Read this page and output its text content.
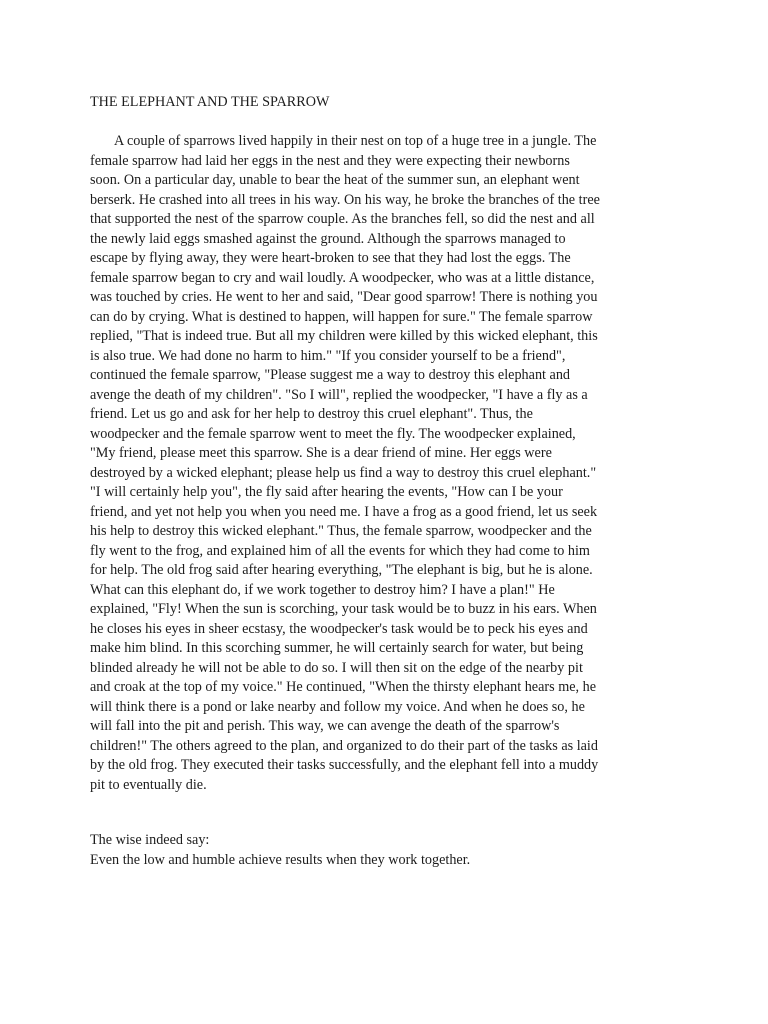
THE ELEPHANT AND THE SPARROW
A couple of sparrows lived happily in their nest on top of a huge tree in a jungle. The
female sparrow had laid her eggs in the nest and they were expecting their newborns
soon. On a particular day, unable to bear the heat of the summer sun, an elephant went
berserk. He crashed into all trees in his way. On his way, he broke the branches of the tree
that supported the nest of the sparrow couple. As the branches fell, so did the nest and all
the newly laid eggs smashed against the ground. Although the sparrows managed to
escape by flying away, they were heart-broken to see that they had lost the eggs. The
female sparrow began to cry and wail loudly. A woodpecker, who was at a little distance,
was touched by cries. He went to her and said, "Dear good sparrow! There is nothing you
can do by crying. What is destined to happen, will happen for sure." The female sparrow
replied, "That is indeed true. But all my children were killed by this wicked elephant, this
is also true. We had done no harm to him." "If you consider yourself to be a friend",
continued the female sparrow, "Please suggest me a way to destroy this elephant and
avenge the death of my children". "So I will", replied the woodpecker, "I have a fly as a
friend. Let us go and ask for her help to destroy this cruel elephant". Thus, the
woodpecker and the female sparrow went to meet the fly. The woodpecker explained,
"My friend, please meet this sparrow. She is a dear friend of mine. Her eggs were
destroyed by a wicked elephant; please help us find a way to destroy this cruel elephant."
"I will certainly help you", the fly said after hearing the events, "How can I be your
friend, and yet not help you when you need me. I have a frog as a good friend, let us seek
his help to destroy this wicked elephant." Thus, the female sparrow, woodpecker and the
fly went to the frog, and explained him of all the events for which they had come to him
for help. The old frog said after hearing everything, "The elephant is big, but he is alone.
What can this elephant do, if we work together to destroy him? I have a plan!" He
explained, "Fly! When the sun is scorching, your task would be to buzz in his ears. When
he closes his eyes in sheer ecstasy, the woodpecker's task would be to peck his eyes and
make him blind. In this scorching summer, he will certainly search for water, but being
blinded already he will not be able to do so. I will then sit on the edge of the nearby pit
and croak at the top of my voice." He continued, "When the thirsty elephant hears me, he
will think there is a pond or lake nearby and follow my voice. And when he does so, he
will fall into the pit and perish. This way, we can avenge the death of the sparrow's
children!" The others agreed to the plan, and organized to do their part of the tasks as laid
by the old frog. They executed their tasks successfully, and the elephant fell into a muddy
pit to eventually die.
The wise indeed say:
Even the low and humble achieve results when they work together.
